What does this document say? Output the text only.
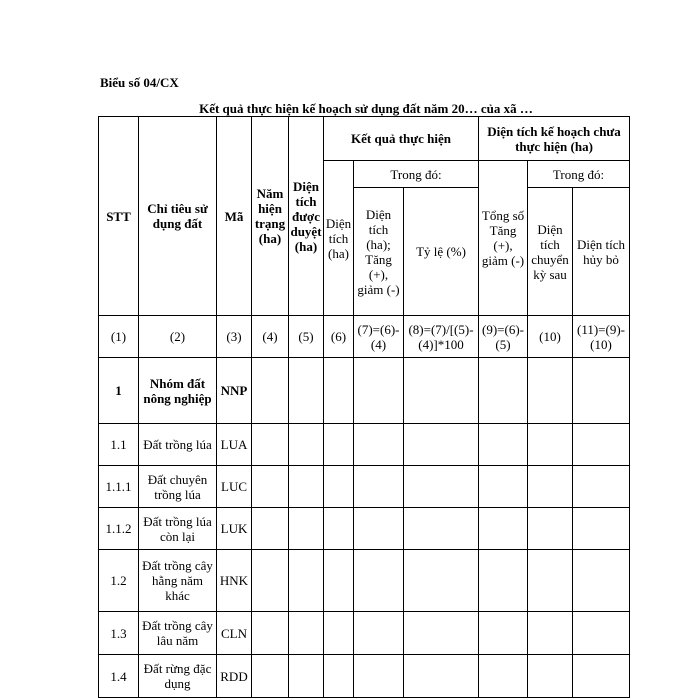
Biểu số 04/CX
Kết quả thực hiện kế hoạch sử dụng đất năm 20… của xã …
STT	Chỉ tiêu sử dụng đất	Mã	Năm hiện trạng (ha)	Diện tích được duyệt (ha)	Kết quả thực hiện			Diện tích kế hoạch chưa thực hiện (ha)		
					Diện tích (ha)	Trong đó:		Tổng số Tăng (+), giảm (-)	Trong đó:	
						Diện tích (ha); Tăng (+), giảm (-)	Tỷ lệ (%)		Diện tích chuyển kỳ sau	Diện tích hủy bỏ
(1)	(2)	(3)	(4)	(5)	(6)	(7)=(6)-(4)	(8)=(7)/[(5)-(4)]*100	(9)=(6)-(5)	(10)	(11)=(9)-(10)
1	Nhóm đất nông nghiệp	NNP								
1.1	Đất trồng lúa	LUA								
1.1.1	Đất chuyên trồng lúa	LUC								
1.1.2	Đất trồng lúa còn lại	LUK								
1.2	Đất trồng cây hằng năm khác	HNK								
1.3	Đất trồng cây lâu năm	CLN								
1.4	Đất rừng đặc dụng	RDD								
